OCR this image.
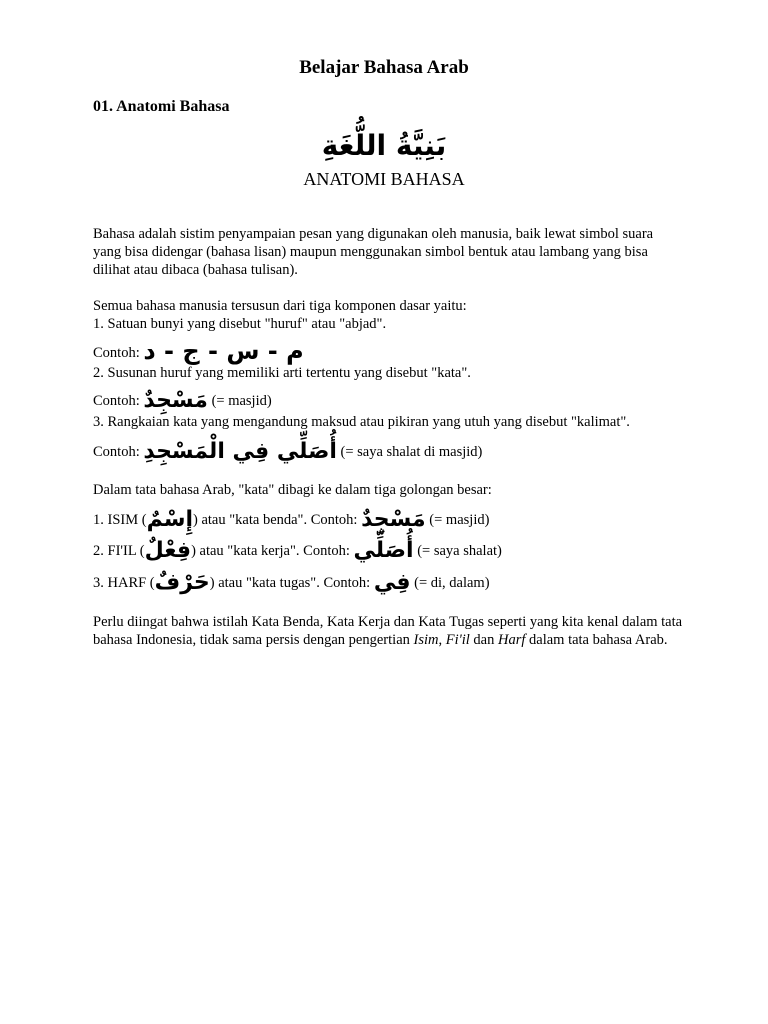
Belajar Bahasa Arab
01. Anatomi Bahasa
بَنِيَّةُ اللُّغَةِ
ANATOMI BAHASA
Bahasa adalah sistim penyampaian pesan yang digunakan oleh manusia, baik lewat simbol suara yang bisa didengar (bahasa lisan) maupun menggunakan simbol bentuk atau lambang yang bisa dilihat atau dibaca (bahasa tulisan).
Semua bahasa manusia tersusun dari tiga komponen dasar yaitu:
1. Satuan bunyi yang disebut "huruf" atau "abjad".
Contoh: م - س - ج - د
2. Susunan huruf yang memiliki arti tertentu yang disebut "kata".
Contoh: مَسْجِدٌ (= masjid)
3. Rangkaian kata yang mengandung maksud atau pikiran yang utuh yang disebut "kalimat".
Contoh: أُصَلِّي فِي الْمَسْجِدِ (= saya shalat di masjid)
Dalam tata bahasa Arab, "kata" dibagi ke dalam tiga golongan besar:
1. ISIM (إِسْمٌ) atau "kata benda". Contoh: مَسْجِدٌ (= masjid)
2. FI'IL (فِعْلٌ) atau "kata kerja". Contoh: أُصَلِّي (= saya shalat)
3. HARF (حَرْفٌ) atau "kata tugas". Contoh: فِي (= di, dalam)
Perlu diingat bahwa istilah Kata Benda, Kata Kerja dan Kata Tugas seperti yang kita kenal dalam tata bahasa Indonesia, tidak sama persis dengan pengertian Isim, Fi'il dan Harf dalam tata bahasa Arab.
